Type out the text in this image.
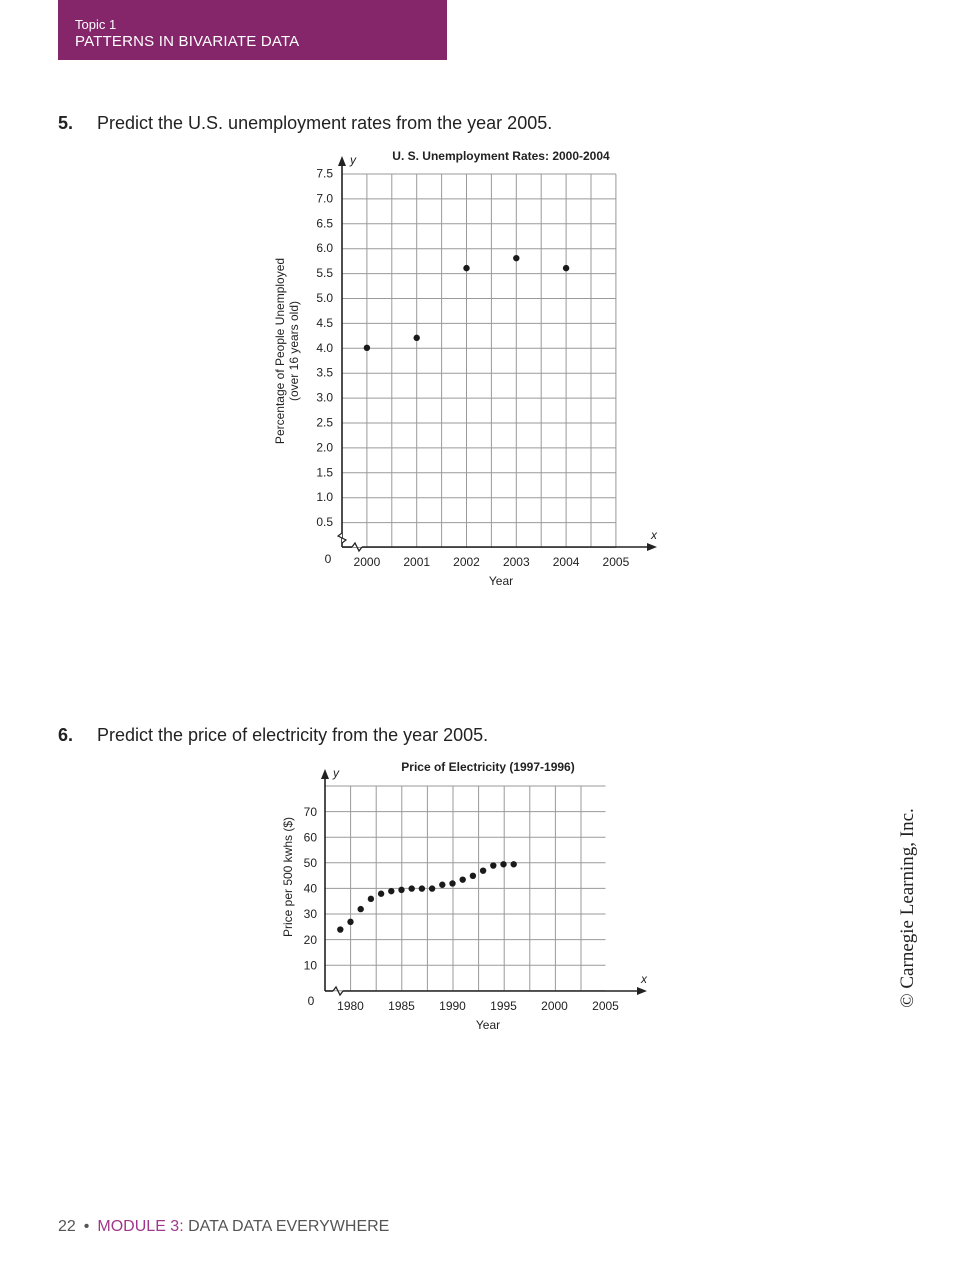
Topic 1
PATTERNS IN BIVARIATE DATA
5. Predict the U.S. unemployment rates from the year 2005.
6. Predict the price of electricity from the year 2005.
y
x
U. S. Unemployment Rates: 2000-2004
0.5
1.0
1.5
2.0
2.5
3.0
3.5
4.0
4.5
5.0
5.5
6.0
6.5
7.0
7.5
0 2000 2001 2002 2003 2004 2005
Year
Percentage of People Unemployed (over 16 years old)
y
x
Price of Electricity (1997-1996)
10
20
30
40
50
60
70
0 1980 1985 1990 1995 2000 2005
Year
Price per 500 kwhs ($)	© Carnegie Learning, Inc.
22 • MODULE 3: DATA DATA EVERYWHERE
